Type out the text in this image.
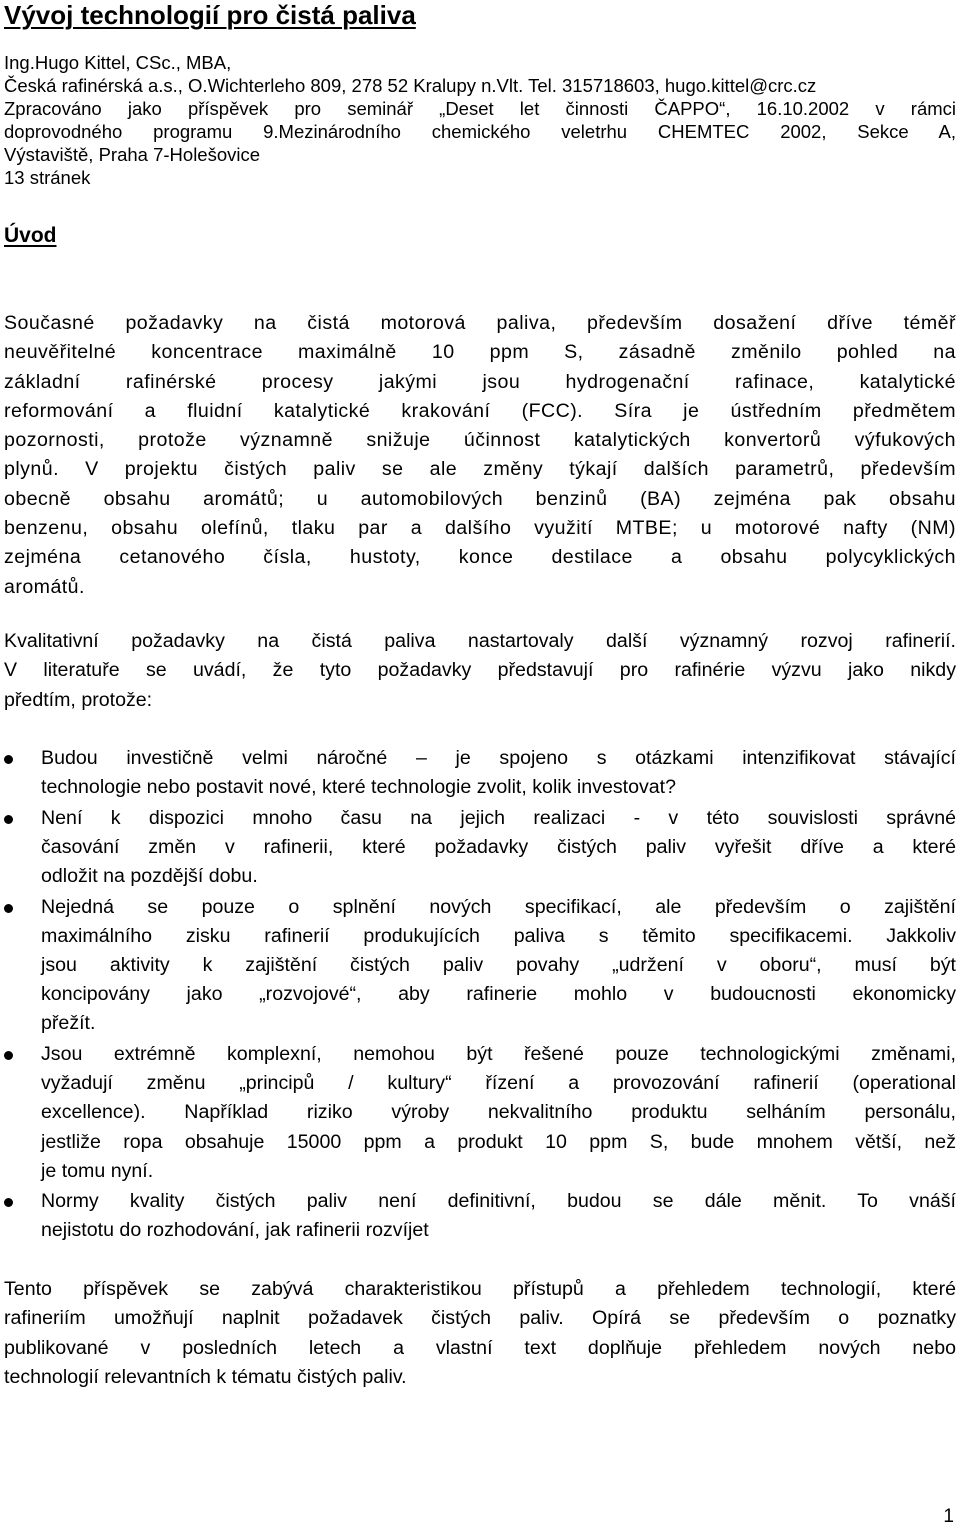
Vývoj technologií pro čistá paliva
Ing.Hugo Kittel, CSc., MBA,
Česká rafinérská a.s., O.Wichterleho 809, 278 52 Kralupy n.Vlt. Tel. 315718603, hugo.kittel@crc.cz
Zpracováno jako příspěvek pro seminář „Deset let činnosti ČAPPO“, 16.10.2002 v rámci
doprovodného programu 9.Mezinárodního chemického veletrhu CHEMTEC 2002, Sekce A,
Výstaviště, Praha 7-Holešovice
13 stránek
Úvod

Současné požadavky na čistá motorová paliva, především dosažení dříve téměř
neuvěřitelné koncentrace maximálně 10 ppm S, zásadně změnilo pohled na
základní rafinérské procesy jakými jsou hydrogenační rafinace, katalytické
reformování a fluidní katalytické krakování (FCC). Síra je ústředním předmětem
pozornosti, protože významně snižuje účinnost katalytických konvertorů výfukových
plynů. V projektu čistých paliv se ale změny týkají dalších parametrů, především
obecně obsahu aromátů; u automobilových benzinů (BA) zejména pak obsahu
benzenu, obsahu olefínů, tlaku par a dalšího využití MTBE; u motorové nafty (NM)
zejména cetanového čísla, hustoty, konce destilace a obsahu polycyklických
aromátů.

Kvalitativní požadavky na čistá paliva nastartovaly další významný rozvoj rafinerií.
V literatuře se uvádí, že tyto požadavky představují pro rafinérie výzvu jako nikdy
předtím, protože:

Budou investičně velmi náročné – je spojeno s otázkami intenzifikovat stávající
technologie nebo postavit nové, které technologie zvolit, kolik investovat?
Není k dispozici mnoho času na jejich realizaci - v této souvislosti správné
časování změn v rafinerii, které požadavky čistých paliv vyřešit dříve a které
odložit na pozdější dobu.
Nejedná se pouze o splnění nových specifikací, ale především o zajištění
maximálního zisku rafinerií produkujících paliva s těmito specifikacemi. Jakkoliv
jsou aktivity k zajištění čistých paliv povahy „udržení v oboru“, musí být
koncipovány jako „rozvojové“, aby rafinerie mohlo v budoucnosti ekonomicky
přežít.
Jsou extrémně komplexní, nemohou být řešené pouze technologickými změnami,
vyžadují změnu „principů / kultury“ řízení a provozování rafinerií (operational
excellence). Například riziko výroby nekvalitního produktu selháním personálu,
jestliže ropa obsahuje 15000 ppm a produkt 10 ppm S, bude mnohem větší, než
je tomu nyní.
Normy kvality čistých paliv není definitivní, budou se dále měnit. To vnáší
nejistotu do rozhodování, jak rafinerii rozvíjet

Tento příspěvek se zabývá charakteristikou přístupů a přehledem technologií, které
rafineriím umožňují naplnit požadavek čistých paliv. Opírá se především o poznatky
publikované v posledních letech a vlastní text doplňuje přehledem nových nebo
technologií relevantních k tématu čistých paliv.

1
